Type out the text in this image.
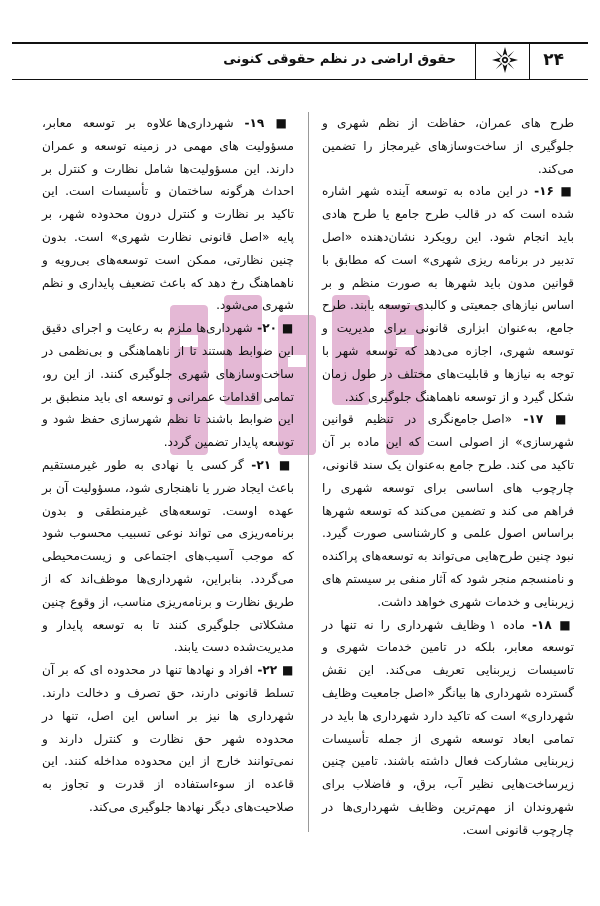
۲۴
حقوق اراضی در نظم حقوقی کنونی

طرح های عمران، حفاظت از نظم شهری و جلوگیری از ساخت‌وسازهای غیرمجاز را تضمین می‌کند.

■ ۱۶- در این ماده به توسعه آینده شهر اشاره شده است که در قالب طرح جامع یا طرح هادی باید انجام شود. این رویکرد نشان‌دهنده «اصل تدبیر در برنامه ریزی شهری» است که مطابق با قوانین مدون باید شهرها به صورت منظم و بر اساس نیازهای جمعیتی و کالبدی توسعه یابند. طرح جامع، به‌عنوان ابزاری قانونی برای مدیریت و توسعه شهری، اجازه می‌دهد که توسعه شهر با توجه به نیازها و قابلیت‌های مختلف در طول زمان شکل گیرد و از توسعه ناهماهنگ جلوگیری کند.

■ ۱۷- «اصل جامع‌نگری در تنظیم قوانین شهرسازی» از اصولی است که این ماده بر آن تاکید می کند. طرح جامع به‌عنوان یک سند قانونی، چارچوب های اساسی برای توسعه شهری را فراهم می کند و تضمین می‌کند که توسعه شهرها براساس اصول علمی و کارشناسی صورت گیرد. نبود چنین طرح‌هایی می‌تواند به توسعه‌های پراکنده و نامنسجم منجر شود که آثار منفی بر سیستم های زیربنایی و خدمات شهری خواهد داشت.

■ ۱۸- ماده ۱ وظایف شهرداری را نه تنها در توسعه معابر، بلکه در تامین خدمات شهری و تاسیسات زیربنایی تعریف می‌کند. این نقش گسترده شهرداری ها بیانگر «اصل جامعیت وظایف شهرداری» است که تاکید دارد شهرداری ها باید در تمامی ابعاد توسعه شهری از جمله تأسیسات زیربنایی مشارکت فعال داشته باشند. تامین چنین زیرساخت‌هایی نظیر آب، برق، و فاضلاب برای شهروندان از مهم‌ترین وظایف شهرداری‌ها در چارچوب قانونی است.

■ ۱۹- شهرداری‌ها علاوه بر توسعه معابر، مسؤولیت های مهمی در زمینه توسعه و عمران دارند. این مسؤولیت‌ها شامل نظارت و کنترل بر احداث هرگونه ساختمان و تأسیسات است. این تاکید بر نظارت و کنترل درون محدوده شهر، بر پایه «اصل قانونی نظارت شهری» است. بدون چنین نظارتی، ممکن است توسعه‌های بی‌رویه و ناهماهنگ رخ دهد که باعث تضعیف پایداری و نظم شهری می‌شود.

■ ۲۰- شهرداری‌ها ملزم به رعایت و اجرای دقیق این ضوابط هستند تا از ناهماهنگی و بی‌نظمی در ساخت‌وسازهای شهری جلوگیری کنند. از این رو، تمامی اقدامات عمرانی و توسعه ای باید منطبق بر این ضوابط باشند تا نظم شهرسازی حفظ شود و توسعه پایدار تضمین گردد.

■ ۲۱- گر کسی یا نهادی به طور غیرمستقیم باعث ایجاد ضرر یا ناهنجاری شود، مسؤولیت آن بر عهده اوست. توسعه‌های غیرمنطقی و بدون برنامه‌ریزی می تواند نوعی تسبیب محسوب شود که موجب آسیب‌های اجتماعی و زیست‌محیطی می‌گردد. بنابراین، شهرداری‌ها موظف‌اند که از طریق نظارت و برنامه‌ریزی مناسب، از وقوع چنین مشکلاتی جلوگیری کنند تا به توسعه پایدار و مدیریت‌شده دست یابند.

■ ۲۲- افراد و نهادها تنها در محدوده ای که بر آن تسلط قانونی دارند، حق تصرف و دخالت دارند. شهرداری ها نیز بر اساس این اصل، تنها در محدوده شهر حق نظارت و کنترل دارند و نمی‌توانند خارج از این محدوده مداخله کنند. این قاعده از سوءاستفاده از قدرت و تجاوز به صلاحیت‌های دیگر نهادها جلوگیری می‌کند.
